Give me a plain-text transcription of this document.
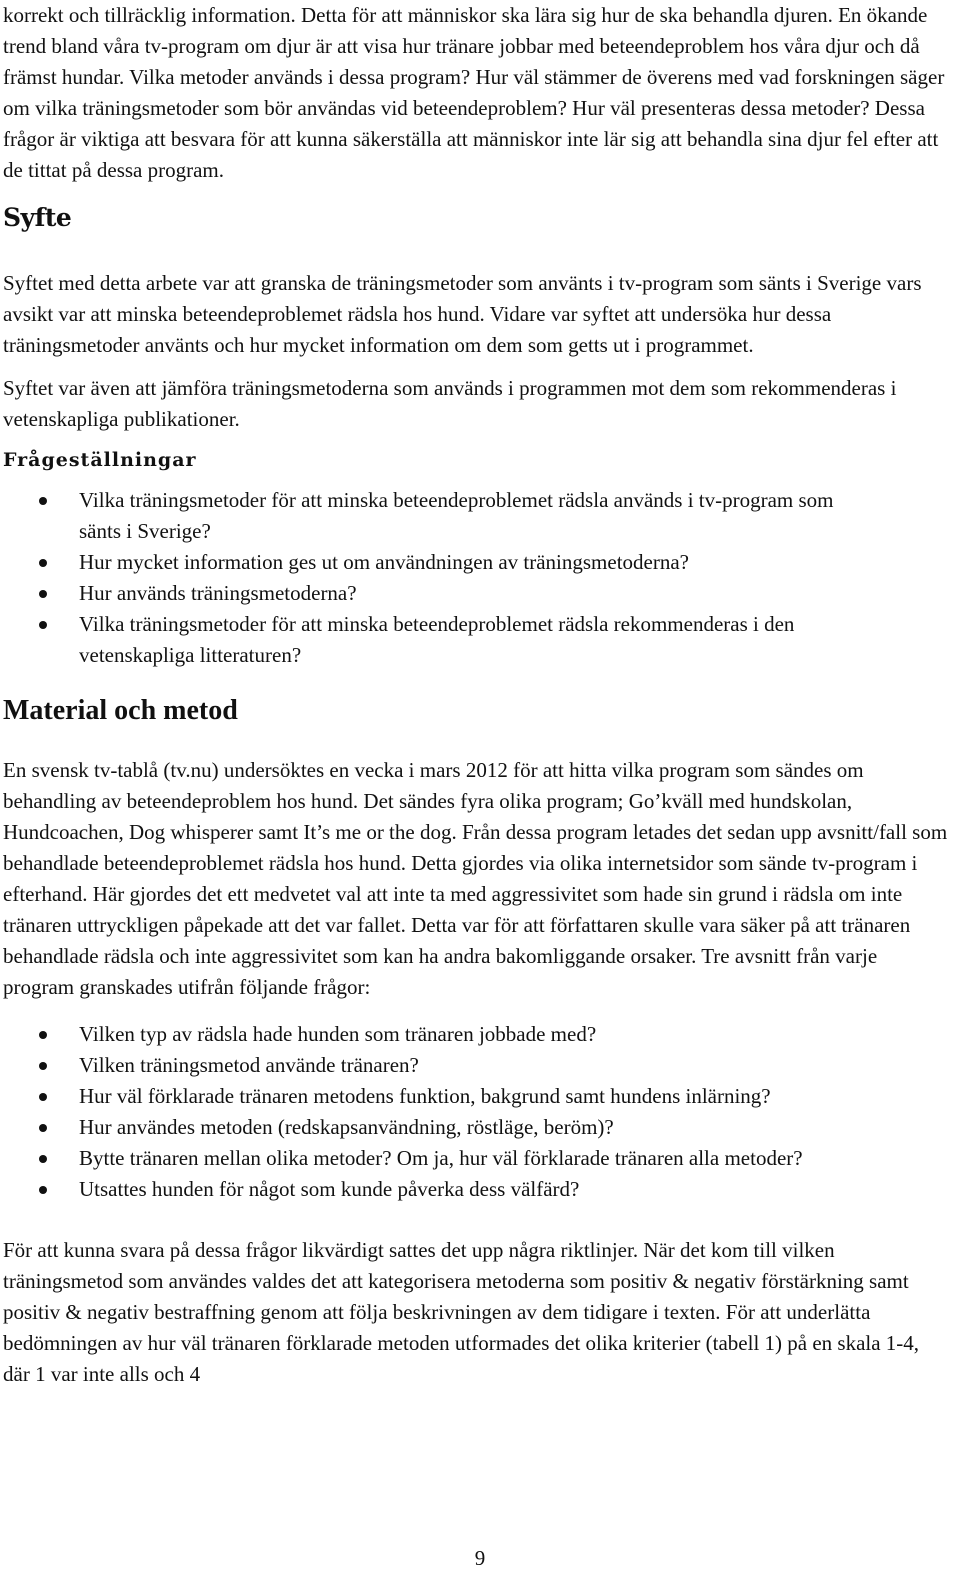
korrekt och tillräcklig information. Detta för att människor ska lära sig hur de ska behandla djuren. En ökande trend bland våra tv-program om djur är att visa hur tränare jobbar med beteendeproblem hos våra djur och då främst hundar. Vilka metoder används i dessa program? Hur väl stämmer de överens med vad forskningen säger om vilka träningsmetoder som bör användas vid beteendeproblem? Hur väl presenteras dessa metoder? Dessa frågor är viktiga att besvara för att kunna säkerställa att människor inte lär sig att behandla sina djur fel efter att de tittat på dessa program.

Syfte

Syftet med detta arbete var att granska de träningsmetoder som använts i tv-program som sänts i Sverige vars avsikt var att minska beteendeproblemet rädsla hos hund. Vidare var syftet att undersöka hur dessa träningsmetoder använts och hur mycket information om dem som getts ut i programmet.

Syftet var även att jämföra träningsmetoderna som används i programmen mot dem som rekommenderas i vetenskapliga publikationer.

Frågeställningar
Vilka träningsmetoder för att minska beteendeproblemet rädsla används i tv-program som sänts i Sverige?
Hur mycket information ges ut om användningen av träningsmetoderna?
Hur används träningsmetoderna?
Vilka träningsmetoder för att minska beteendeproblemet rädsla rekommenderas i den vetenskapliga litteraturen?
Material och metod

En svensk tv-tablå (tv.nu) undersöktes en vecka i mars 2012 för att hitta vilka program som sändes om behandling av beteendeproblem hos hund. Det sändes fyra olika program; Go’kväll med hundskolan, Hundcoachen, Dog whisperer samt It’s me or the dog. Från dessa program letades det sedan upp avsnitt/fall som behandlade beteendeproblemet rädsla hos hund. Detta gjordes via olika internetsidor som sände tv-program i efterhand. Här gjordes det ett medvetet val att inte ta med aggressivitet som hade sin grund i rädsla om inte tränaren uttryckligen påpekade att det var fallet. Detta var för att författaren skulle vara säker på att tränaren behandlade rädsla och inte aggressivitet som kan ha andra bakomliggande orsaker. Tre avsnitt från varje program granskades utifrån följande frågor:

Vilken typ av rädsla hade hunden som tränaren jobbade med?
Vilken träningsmetod använde tränaren?
Hur väl förklarade tränaren metodens funktion, bakgrund samt hundens inlärning?
Hur användes metoden (redskapsanvändning, röstläge, beröm)?
Bytte tränaren mellan olika metoder? Om ja, hur väl förklarade tränaren alla metoder?
Utsattes hunden för något som kunde påverka dess välfärd?

För att kunna svara på dessa frågor likvärdigt sattes det upp några riktlinjer. När det kom till vilken träningsmetod som användes valdes det att kategorisera metoderna som positiv & negativ förstärkning samt positiv & negativ bestraffning genom att följa beskrivningen av dem tidigare i texten. För att underlätta bedömningen av hur väl tränaren förklarade metoden utformades det olika kriterier (tabell 1) på en skala 1-4, där 1 var inte alls och 4

9
